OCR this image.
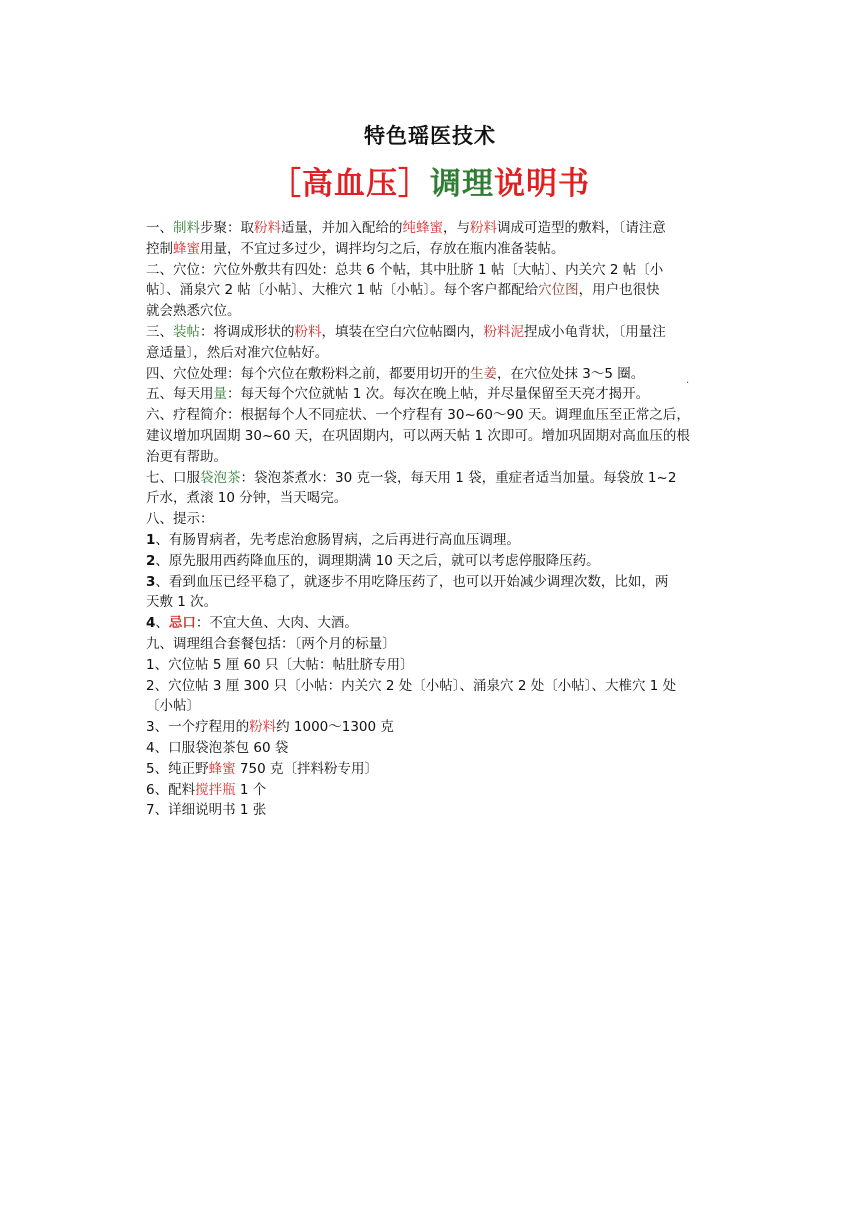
特色瑶医技术
［高血压］调理说明书
一、制料步聚：取粉料适量，并加入配给的纯蜂蜜，与粉料调成可造型的敷料，〔请注意
控制蜂蜜用量，不宜过多过少，调拌均匀之后，存放在瓶内准备装帖。
二、穴位：穴位外敷共有四处：总共 6 个帖，其中肚脐 1 帖〔大帖〕、内关穴 2 帖〔小
帖〕、涌泉穴 2 帖〔小帖〕、大椎穴 1 帖〔小帖〕。每个客户都配给穴位图，用户也很快
就会熟悉穴位。
三、装帖：将调成形状的粉料，填装在空白穴位帖圈内，粉料泥捏成小龟背状，〔用量注
意适量〕，然后对准穴位帖好。
四、穴位处理：每个穴位在敷粉料之前，都要用切开的生姜，在穴位处抹 3～5 圈。
五、每天用量：每天每个穴位就帖 1 次。每次在晚上帖，并尽量保留至天亮才揭开。
六、疗程简介：根据每个人不同症状、一个疗程有 30~60～90 天。调理血压至正常之后，
建议增加巩固期 30~60 天，在巩固期内，可以两天帖 1 次即可。增加巩固期对高血压的根
治更有帮助。
七、口服袋泡茶：袋泡茶煮水：30 克一袋，每天用 1 袋，重症者适当加量。每袋放 1~2
斤水，煮滚 10 分钟，当天喝完。
八、提示：
1、有肠胃病者，先考虑治愈肠胃病，之后再进行高血压调理。
2、原先服用西药降血压的，调理期满 10 天之后，就可以考虑停服降压药。
3、看到血压已经平稳了，就逐步不用吃降压药了，也可以开始减少调理次数，比如，两
天敷 1 次。
4、忌口：不宜大鱼、大肉、大酒。
九、调理组合套餐包括：〔两个月的标量〕
1、穴位帖 5 厘 60 只〔大帖：帖肚脐专用〕
2、穴位帖 3 厘 300 只〔小帖：内关穴 2 处〔小帖〕、涌泉穴 2 处〔小帖〕、大椎穴 1 处
〔小帖〕
3、一个疗程用的粉料约 1000～1300 克
4、口服袋泡茶包 60 袋
5、纯正野蜂蜜 750 克〔拌料粉专用〕
6、配料搅拌瓶 1 个
7、详细说明书 1 张
·
